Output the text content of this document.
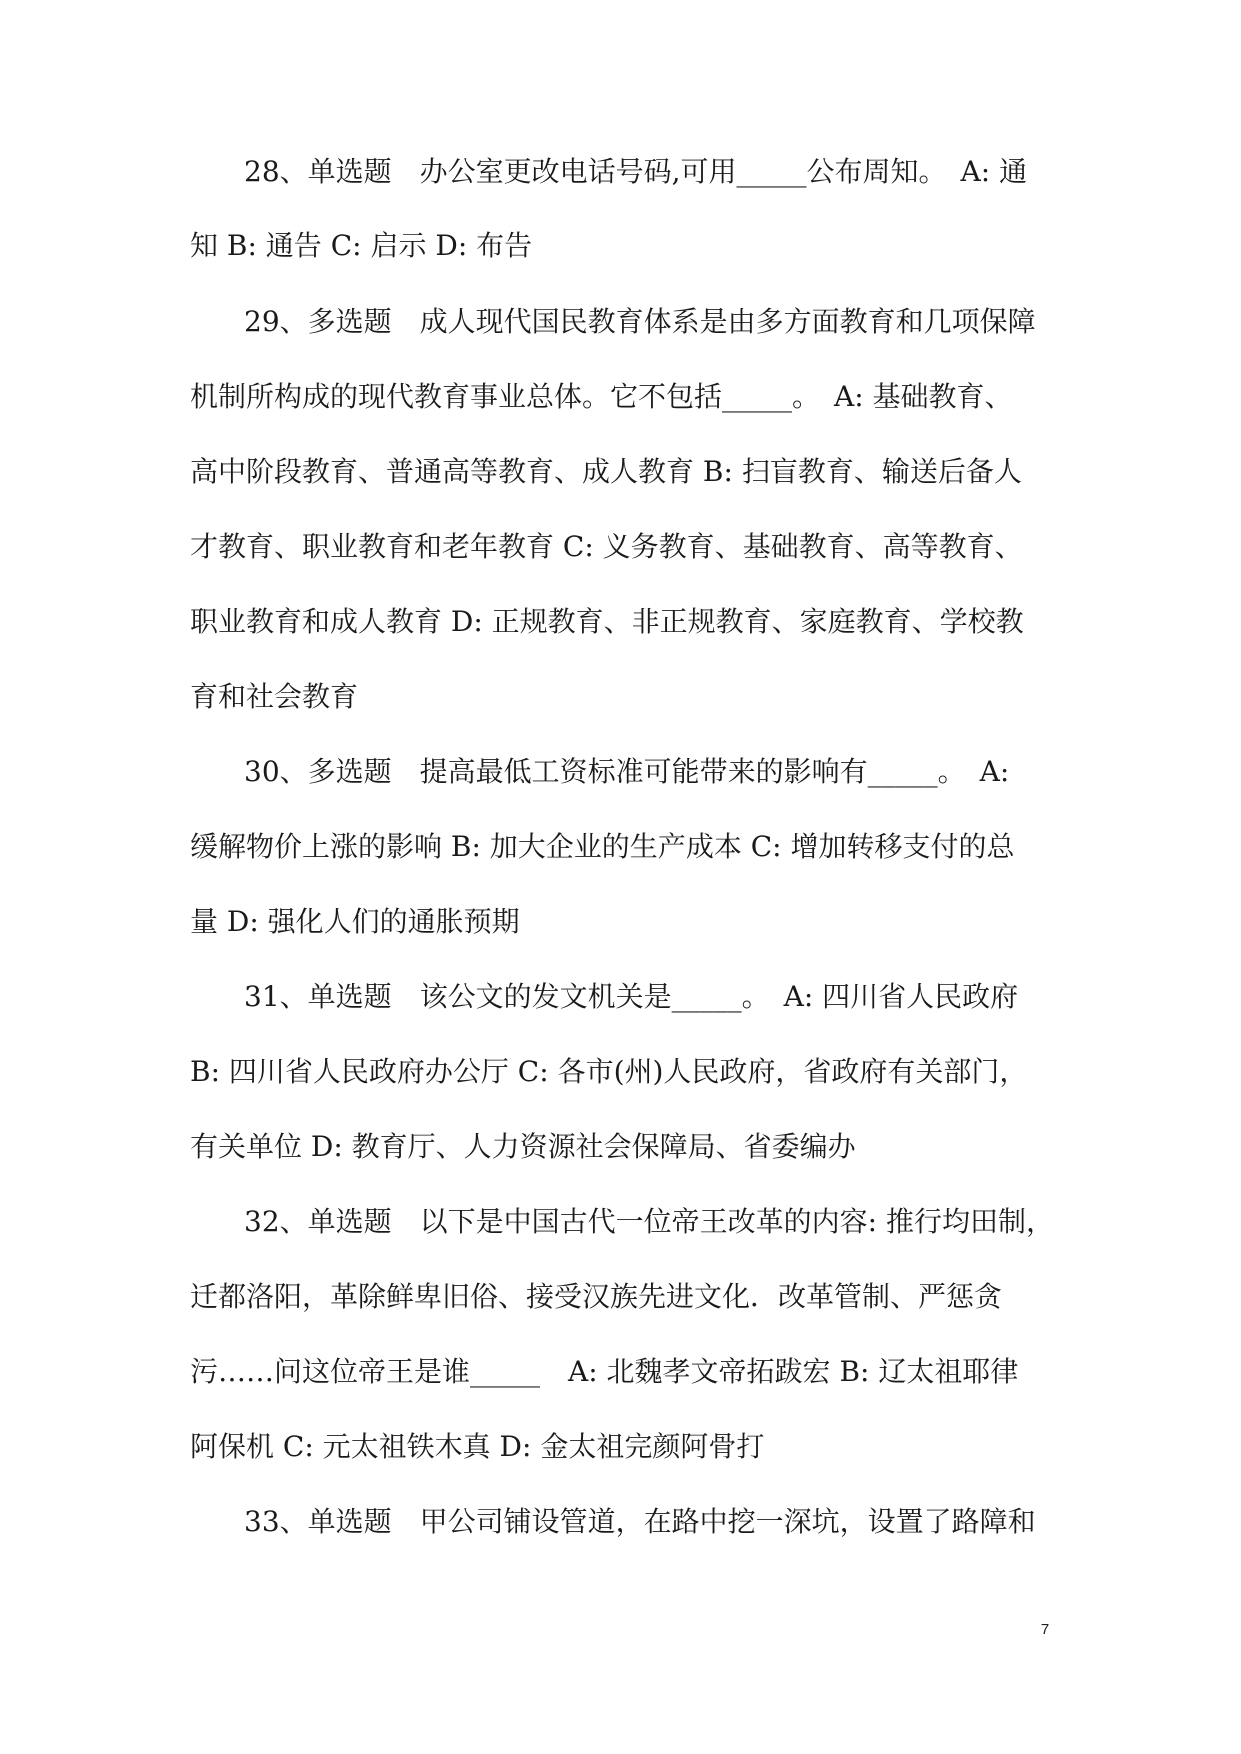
28、单选题　办公室更改电话号码,可用_____公布周知。　A: 通
知 B: 通告 C: 启示 D: 布告
29、多选题　成人现代国民教育体系是由多方面教育和几项保障
机制所构成的现代教育事业总体。它不包括_____。　A: 基础教育、
高中阶段教育、普通高等教育、成人教育 B: 扫盲教育、输送后备人
才教育、职业教育和老年教育 C: 义务教育、基础教育、高等教育、
职业教育和成人教育 D: 正规教育、非正规教育、家庭教育、学校教
育和社会教育
30、多选题　提高最低工资标准可能带来的影响有_____。　A:
缓解物价上涨的影响 B: 加大企业的生产成本 C: 增加转移支付的总
量 D: 强化人们的通胀预期
31、单选题　该公文的发文机关是_____。　A: 四川省人民政府
B: 四川省人民政府办公厅 C: 各市(州)人民政府，省政府有关部门，
有关单位 D: 教育厅、人力资源社会保障局、省委编办
32、单选题　以下是中国古代一位帝王改革的内容: 推行均田制，
迁都洛阳，革除鲜卑旧俗、接受汉族先进文化．改革管制、严惩贪
污……问这位帝王是谁_____　A: 北魏孝文帝拓跋宏 B: 辽太祖耶律
阿保机 C: 元太祖铁木真 D: 金太祖完颜阿骨打
33、单选题　甲公司铺设管道，在路中挖一深坑，设置了路障和
7
